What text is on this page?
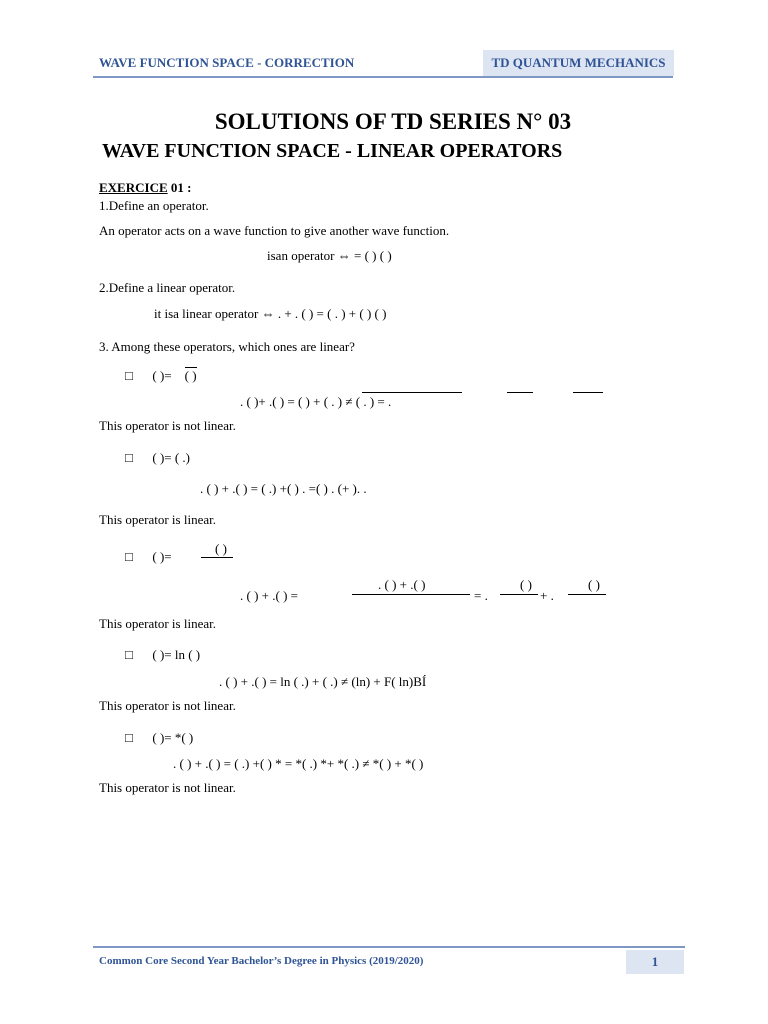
WAVE FUNCTION SPACE - CORRECTION	TD QUANTUM MECHANICS
SOLUTIONS OF TD SERIES N° 03
WAVE FUNCTION SPACE - LINEAR OPERATORS
EXERCICE 01 :
1.Define an operator.
An operator acts on a wave function to give another wave function.
isan operator ⇔ = ( ) ( )
2.Define a linear operator.
it isa linear operator ⇔ . + . ( ) = ( . ) + ( ) ( )
3. Among these operators, which ones are linear?
□      ( )= ( )
. ( )+ .( ) = ( ) + ( . ) ≠ ( . ) = .
This operator is not linear.
□      ( )= ( .)
. ( ) + .( ) = ( .) +( ) . =( ) . (+ ). .
This operator is linear.
□      ( )=
( )
. ( ) + .( ) =
. ( ) + .( )
= .
( )
+ .
( )
This operator is linear.
□      ( )= ln ( )
. ( ) + .( ) = ln ( .) + ( .) ≠ (ln) + F( ln)BÍ
This operator is not linear.
□      ( )= *( )
. ( ) + .( ) = ( .) +( ) * = *( .) *+ *( .) ≠ *( ) + *( )
This operator is not linear.
Common Core Second Year Bachelor’s Degree in Physics (2019/2020)	1
